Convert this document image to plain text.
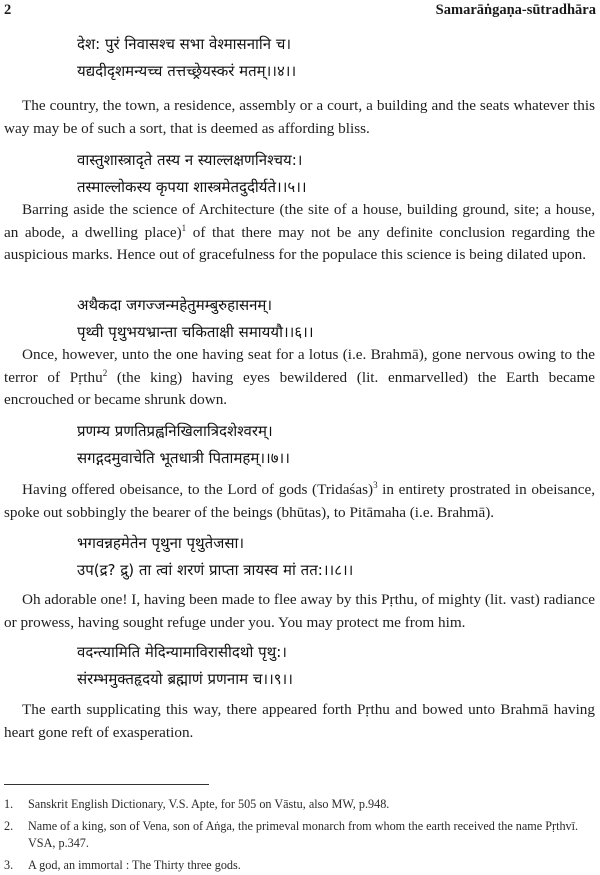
2	Samarāṅgaṇa-sūtradhāra
देश: पुरं निवासश्च सभा वेश्मासनानि च।
यद्यदीदृशमन्यच्च तत्तच्छ्रेयस्करं मतम्।।४।।
The country, the town, a residence, assembly or a court, a building and the seats whatever this way may be of such a sort, that is deemed as affording bliss.
वास्तुशास्त्रादृते तस्य न स्याल्लक्षणनिश्चय:।
तस्माल्लोकस्य कृपया शास्त्रमेतदुदीर्यते।।५।।
Barring aside the science of Architecture (the site of a house, building ground, site; a house, an abode, a dwelling place)$^1$ of that there may not be any definite conclusion regarding the auspicious marks. Hence out of gracefulness for the populace this science is being dilated upon.
अथैकदा जगज्जन्महेतुमम्बुरुहासनम्।
पृथ्वी पृथुभयभ्रान्ता चकिताक्षी समाययौ।।६।।
Once, however, unto the one having seat for a lotus (i.e. Brahmā), gone nervous owing to the terror of Pṛthu$^2$ (the king) having eyes bewildered (lit. enmarvelled) the Earth became encrouched or became shrunk down.
प्रणम्य प्रणतिप्रह्वनिखिलात्रिदशेश्वरम्।
सगद्गदमुवाचेति भूतधात्री पितामहम्।।७।।
Having offered obeisance, to the Lord of gods (Tridaśas)$^3$ in entirety prostrated in obeisance, spoke out sobbingly the bearer of the beings (bhūtas), to Pitāmaha (i.e. Brahmā).
भगवन्नहमेतेन पृथुना पृथुतेजसा।
उप(द्र? द्रु) ता त्वां शरणं प्राप्ता त्रायस्व मां तत:।।८।।
Oh adorable one! I, having been made to flee away by this Pṛthu, of mighty (lit. vast) radiance or prowess, having sought refuge under you. You may protect me from him.
वदन्त्यामिति मेदिन्यामाविरासीदथो पृथु:।
संरम्भमुक्तहृदयो ब्रह्माणं प्रणनाम च।।९।।
The earth supplicating this way, there appeared forth Pṛthu and bowed unto Brahmā having heart gone reft of exasperation.
1. Sanskrit English Dictionary, V.S. Apte, for 505 on Vāstu, also MW, p.948.
2. Name of a king, son of Vena, son of Aṅga, the primeval monarch from whom the earth received the name Pṛthvī. VSA, p.347.
3. A god, an immortal : The Thirty three gods.
